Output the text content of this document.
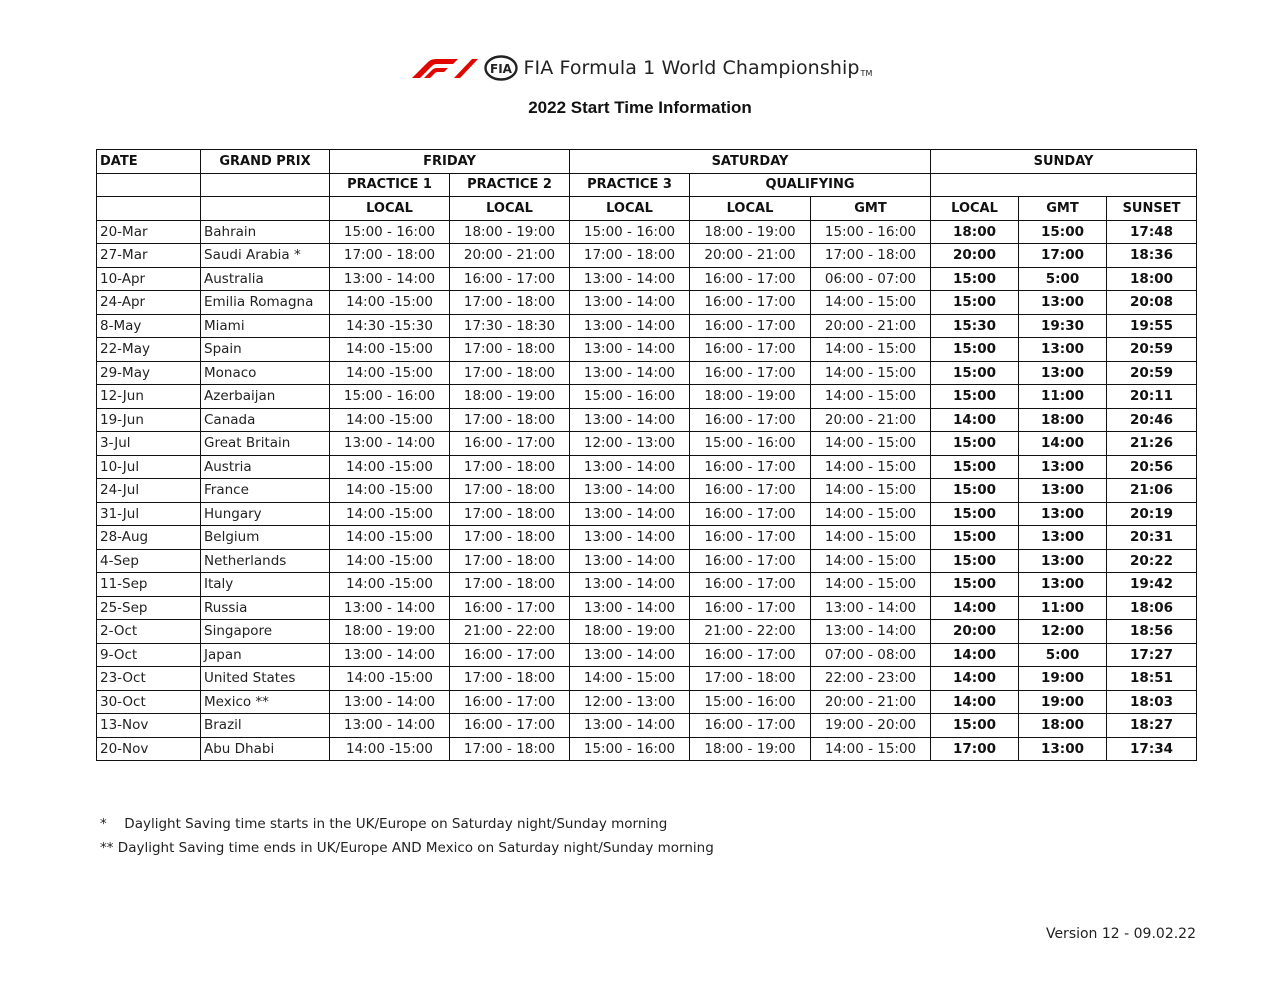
FIA FIA Formula 1 World ChampionshipTM
2022 Start Time Information
DATE	GRAND PRIX	FRIDAY		SATURDAY			SUNDAY		
		PRACTICE 1	PRACTICE 2	PRACTICE 3	QUALIFYING				
		LOCAL	LOCAL	LOCAL	LOCAL	GMT	LOCAL	GMT	SUNSET
20-Mar	Bahrain	15:00 - 16:00	18:00 - 19:00	15:00 - 16:00	18:00 - 19:00	15:00 - 16:00	18:00	15:00	17:48
27-Mar	Saudi Arabia *	17:00 - 18:00	20:00 - 21:00	17:00 - 18:00	20:00 - 21:00	17:00 - 18:00	20:00	17:00	18:36
10-Apr	Australia	13:00 - 14:00	16:00 - 17:00	13:00 - 14:00	16:00 - 17:00	06:00 - 07:00	15:00	5:00	18:00
24-Apr	Emilia Romagna	14:00 -15:00	17:00 - 18:00	13:00 - 14:00	16:00 - 17:00	14:00 - 15:00	15:00	13:00	20:08
8-May	Miami	14:30 -15:30	17:30 - 18:30	13:00 - 14:00	16:00 - 17:00	20:00 - 21:00	15:30	19:30	19:55
22-May	Spain	14:00 -15:00	17:00 - 18:00	13:00 - 14:00	16:00 - 17:00	14:00 - 15:00	15:00	13:00	20:59
29-May	Monaco	14:00 -15:00	17:00 - 18:00	13:00 - 14:00	16:00 - 17:00	14:00 - 15:00	15:00	13:00	20:59
12-Jun	Azerbaijan	15:00 - 16:00	18:00 - 19:00	15:00 - 16:00	18:00 - 19:00	14:00 - 15:00	15:00	11:00	20:11
19-Jun	Canada	14:00 -15:00	17:00 - 18:00	13:00 - 14:00	16:00 - 17:00	20:00 - 21:00	14:00	18:00	20:46
3-Jul	Great Britain	13:00 - 14:00	16:00 - 17:00	12:00 - 13:00	15:00 - 16:00	14:00 - 15:00	15:00	14:00	21:26
10-Jul	Austria	14:00 -15:00	17:00 - 18:00	13:00 - 14:00	16:00 - 17:00	14:00 - 15:00	15:00	13:00	20:56
24-Jul	France	14:00 -15:00	17:00 - 18:00	13:00 - 14:00	16:00 - 17:00	14:00 - 15:00	15:00	13:00	21:06
31-Jul	Hungary	14:00 -15:00	17:00 - 18:00	13:00 - 14:00	16:00 - 17:00	14:00 - 15:00	15:00	13:00	20:19
28-Aug	Belgium	14:00 -15:00	17:00 - 18:00	13:00 - 14:00	16:00 - 17:00	14:00 - 15:00	15:00	13:00	20:31
4-Sep	Netherlands	14:00 -15:00	17:00 - 18:00	13:00 - 14:00	16:00 - 17:00	14:00 - 15:00	15:00	13:00	20:22
11-Sep	Italy	14:00 -15:00	17:00 - 18:00	13:00 - 14:00	16:00 - 17:00	14:00 - 15:00	15:00	13:00	19:42
25-Sep	Russia	13:00 - 14:00	16:00 - 17:00	13:00 - 14:00	16:00 - 17:00	13:00 - 14:00	14:00	11:00	18:06
2-Oct	Singapore	18:00 - 19:00	21:00 - 22:00	18:00 - 19:00	21:00 - 22:00	13:00 - 14:00	20:00	12:00	18:56
9-Oct	Japan	13:00 - 14:00	16:00 - 17:00	13:00 - 14:00	16:00 - 17:00	07:00 - 08:00	14:00	5:00	17:27
23-Oct	United States	14:00 -15:00	17:00 - 18:00	14:00 - 15:00	17:00 - 18:00	22:00 - 23:00	14:00	19:00	18:51
30-Oct	Mexico **	13:00 - 14:00	16:00 - 17:00	12:00 - 13:00	15:00 - 16:00	20:00 - 21:00	14:00	19:00	18:03
13-Nov	Brazil	13:00 - 14:00	16:00 - 17:00	13:00 - 14:00	16:00 - 17:00	19:00 - 20:00	15:00	18:00	18:27
20-Nov	Abu Dhabi	14:00 -15:00	17:00 - 18:00	15:00 - 16:00	18:00 - 19:00	14:00 - 15:00	17:00	13:00	17:34
* Daylight Saving time starts in the UK/Europe on Saturday night/Sunday morning
** Daylight Saving time ends in UK/Europe AND Mexico on Saturday night/Sunday morning
Version 12 - 09.02.22
